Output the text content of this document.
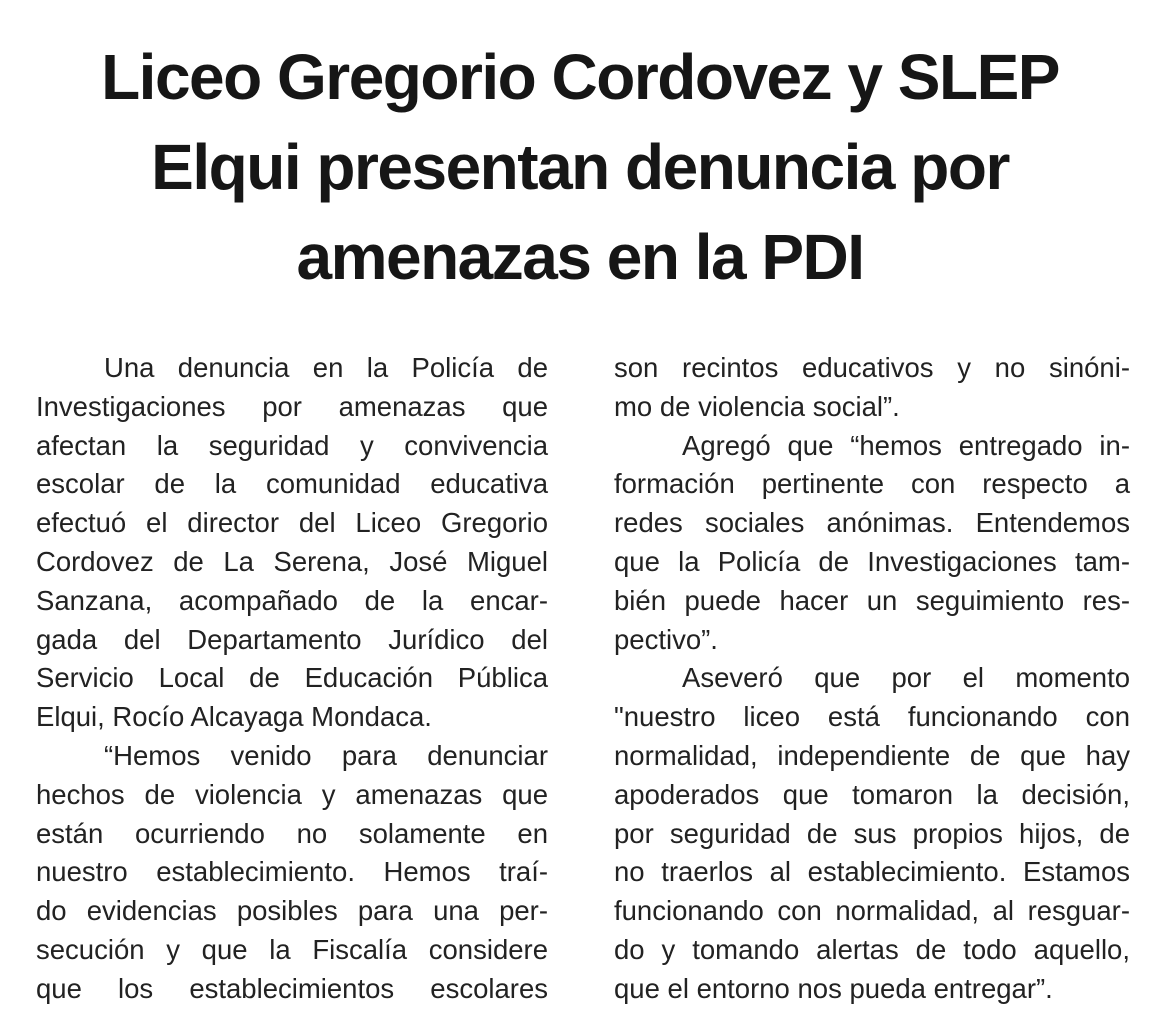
Liceo Gregorio Cordovez y SLEP
Elqui presentan denuncia por
amenazas en la PDI
Una denuncia en la Policía de
Investigaciones por amenazas que
afectan la seguridad y convivencia
escolar de la comunidad educativa
efectuó el director del Liceo Gregorio
Cordovez de La Serena, José Miguel
Sanzana, acompañado de la encar-
gada del Departamento Jurídico del
Servicio Local de Educación Pública
Elqui, Rocío Alcayaga Mondaca.
“Hemos venido para denunciar
hechos de violencia y amenazas que
están ocurriendo no solamente en
nuestro establecimiento. Hemos traí-
do evidencias posibles para una per-
secución y que la Fiscalía considere
que los establecimientos escolares
son recintos educativos y no sinóni-
mo de violencia social”.
Agregó que “hemos entregado in-
formación pertinente con respecto a
redes sociales anónimas. Entendemos
que la Policía de Investigaciones tam-
bién puede hacer un seguimiento res-
pectivo”.
Aseveró que por el momento
"nuestro liceo está funcionando con
normalidad, independiente de que hay
apoderados que tomaron la decisión,
por seguridad de sus propios hijos, de
no traerlos al establecimiento. Estamos
funcionando con normalidad, al resguar-
do y tomando alertas de todo aquello,
que el entorno nos pueda entregar”.
